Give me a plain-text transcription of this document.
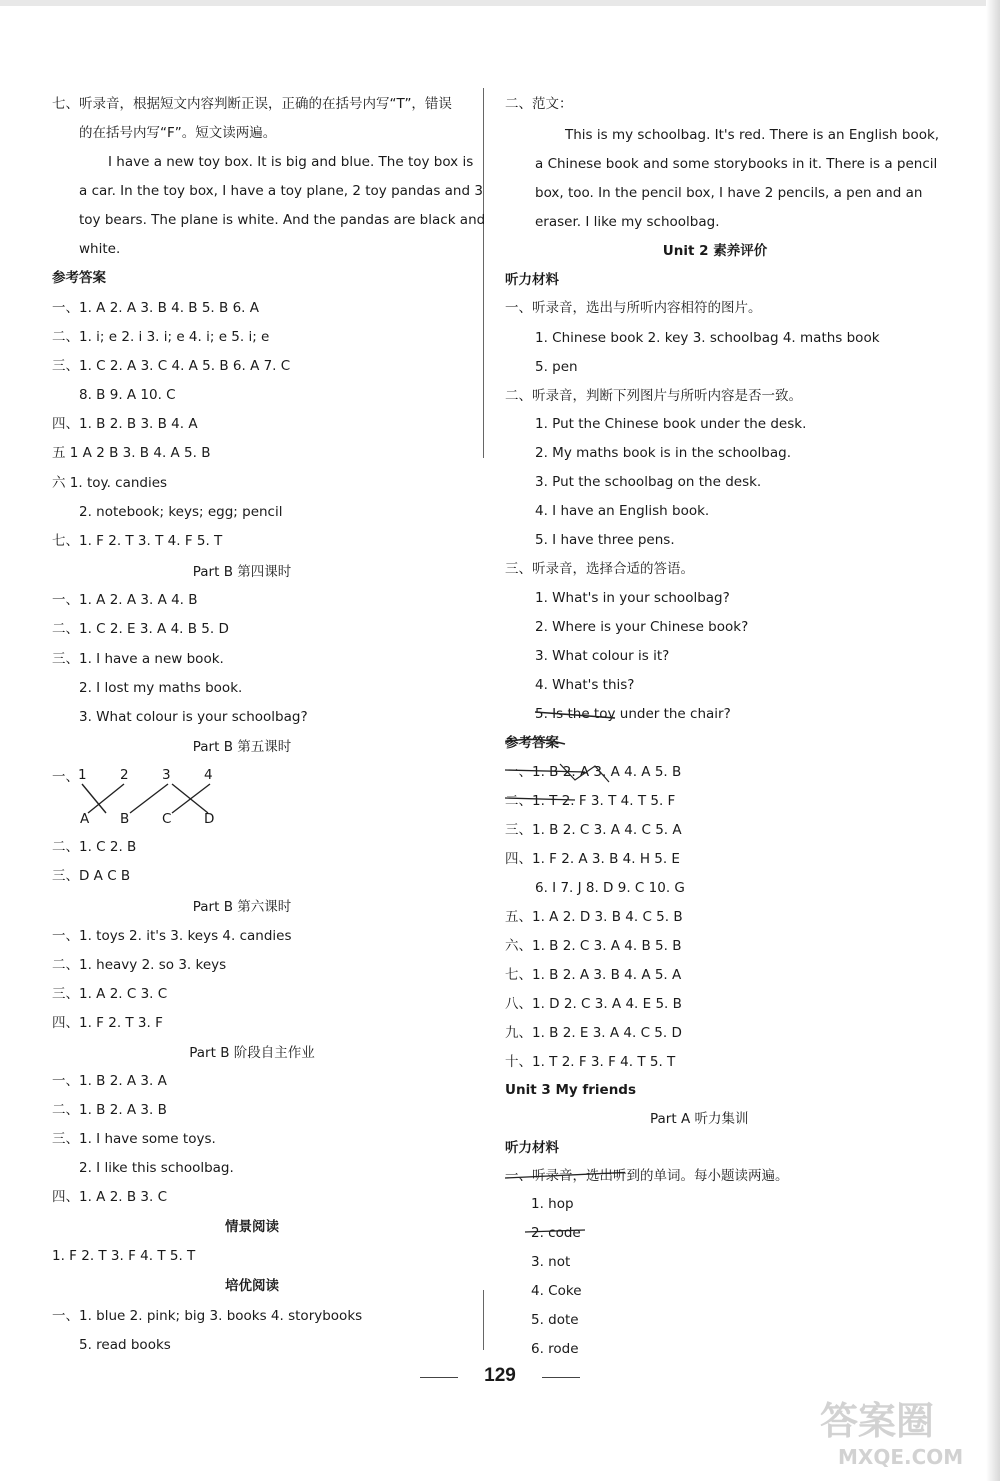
七、听录音，根据短文内容判断正误，正确的在括号内写“T”，错误
的在括号内写“F”。短文读两遍。
I have a new toy box. It is big and blue. The toy box is
a car. In the toy box, I have a toy plane, 2 toy pandas and 3
toy bears. The plane is white. And the pandas are black and
white.
参考答案
一、1. A 2. A 3. B 4. B 5. B 6. A
二、1. i; e 2. i 3. i; e 4. i; e 5. i; e
三、1. C 2. A 3. C 4. A 5. B 6. A 7. C
8. B 9. A 10. C
四、1. B 2. B 3. B 4. A
五 1 A 2 B 3. B 4. A 5. B
六 1. toy. candies
2. notebook; keys; egg; pencil
七、1. F 2. T 3. T 4. F 5. T
Part B 第四课时
一、1. A 2. A 3. A 4. B
二、1. C 2. E 3. A 4. B 5. D
三、1. I have a new book.
2. I lost my maths book.
3. What colour is your schoolbag?
Part B 第五课时
一、 1 2 3 4
A B C D
二、1. C 2. B
三、D A C B
Part B 第六课时
一、1. toys 2. it's 3. keys 4. candies
二、1. heavy 2. so 3. keys
三、1. A 2. C 3. C
四、1. F 2. T 3. F
Part B 阶段自主作业
一、1. B 2. A 3. A
二、1. B 2. A 3. B
三、1. I have some toys.
2. I like this schoolbag.
四、1. A 2. B 3. C
情景阅读
1. F 2. T 3. F 4. T 5. T
培优阅读
一、1. blue 2. pink; big 3. books 4. storybooks
5. read books
二、范文：
This is my schoolbag. It's red. There is an English book,
a Chinese book and some storybooks in it. There is a pencil
box, too. In the pencil box, I have 2 pencils, a pen and an
eraser. I like my schoolbag.
Unit 2 素养评价
听力材料
一、听录音，选出与所听内容相符的图片。
1. Chinese book 2. key 3. schoolbag 4. maths book
5. pen
二、听录音，判断下列图片与所听内容是否一致。
1. Put the Chinese book under the desk.
2. My maths book is in the schoolbag.
3. Put the schoolbag on the desk.
4. I have an English book.
5. I have three pens.
三、听录音，选择合适的答语。
1. What's in your schoolbag?
2. Where is your Chinese book?
3. What colour is it?
4. What's this?
5. Is the toy under the chair?
参考答案
一、1. B 2. A 3. A 4. A 5. B
二、1. T 2. F 3. T 4. T 5. F
三、1. B 2. C 3. A 4. C 5. A
四、1. F 2. A 3. B 4. H 5. E
6. I 7. J 8. D 9. C 10. G
五、1. A 2. D 3. B 4. C 5. B
六、1. B 2. C 3. A 4. B 5. B
七、1. B 2. A 3. B 4. A 5. A
八、1. D 2. C 3. A 4. E 5. B
九、1. B 2. E 3. A 4. C 5. D
十、1. T 2. F 3. F 4. T 5. T
Unit 3 My friends
Part A 听力集训
听力材料
一、听录音，选出听到的单词。每小题读两遍。
1. hop
2. code
3. not
4. Coke
5. dote
6. rode
129
答案圈
MXQE.COM
